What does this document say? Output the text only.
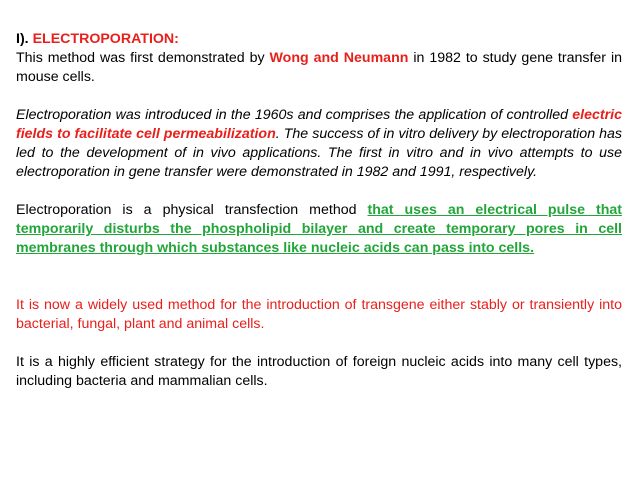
I). ELECTROPORATION:

This method was first demonstrated by Wong and Neumann in 1982 to study gene transfer in mouse cells.

Electroporation was introduced in the 1960s and comprises the application of controlled electric fields to facilitate cell permeabilization. The success of in vitro delivery by electroporation has led to the development of in vivo applications. The first in vitro and in vivo attempts to use electroporation in gene transfer were demonstrated in 1982 and 1991, respectively.

Electroporation is a physical transfection method that uses an electrical pulse that temporarily disturbs the phospholipid bilayer and create temporary pores in cell membranes through which substances like nucleic acids can pass into cells.

It is now a widely used method for the introduction of transgene either stably or transiently into bacterial, fungal, plant and animal cells.

It is a highly efficient strategy for the introduction of foreign nucleic acids into many cell types, including bacteria and mammalian cells.
